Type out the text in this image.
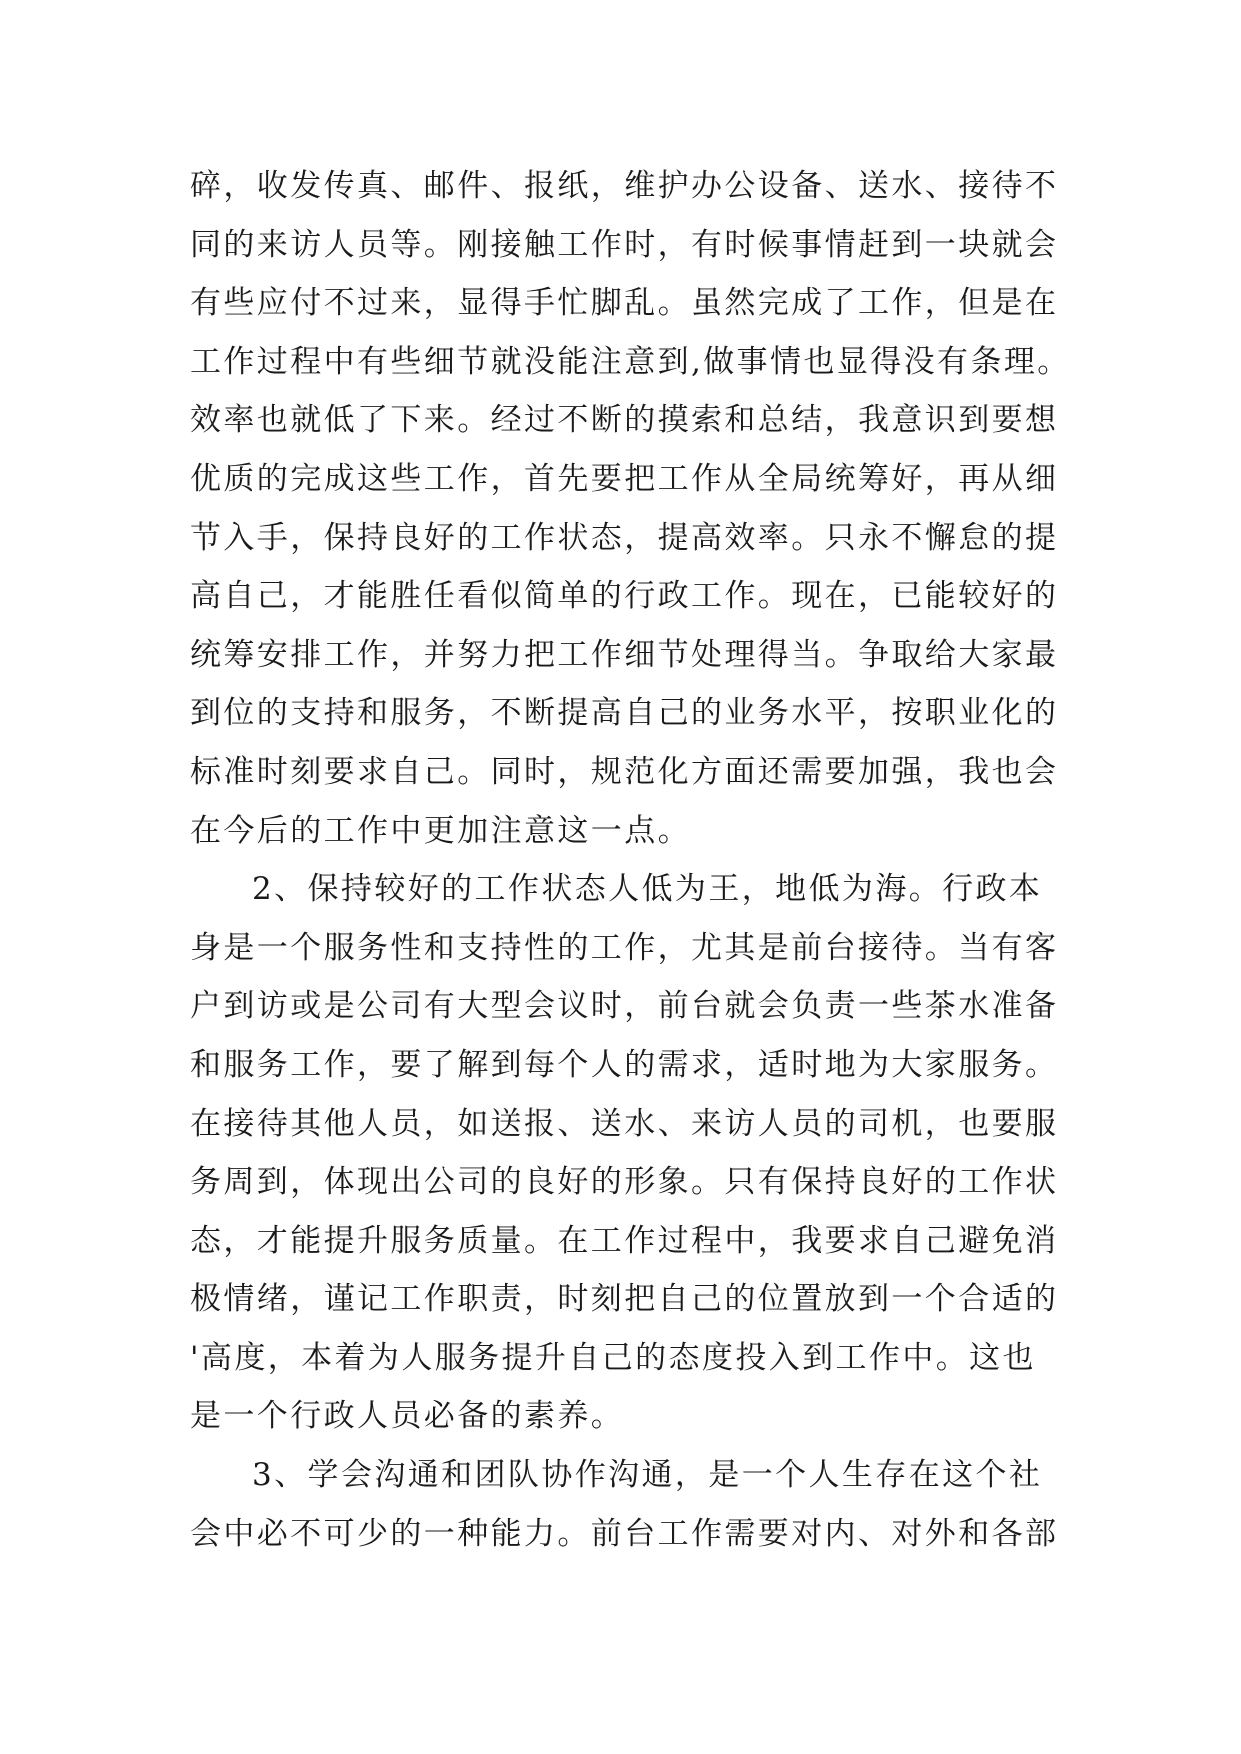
碎，收发传真、邮件、报纸，维护办公设备、送水、接待不
同的来访人员等。刚接触工作时，有时候事情赶到一块就会
有些应付不过来，显得手忙脚乱。虽然完成了工作，但是在
工作过程中有些细节就没能注意到,做事情也显得没有条理。
效率也就低了下来。经过不断的摸索和总结，我意识到要想
优质的完成这些工作，首先要把工作从全局统筹好，再从细
节入手，保持良好的工作状态，提高效率。只永不懈怠的提
高自己，才能胜任看似简单的行政工作。现在，已能较好的
统筹安排工作，并努力把工作细节处理得当。争取给大家最
到位的支持和服务，不断提高自己的业务水平，按职业化的
标准时刻要求自己。同时，规范化方面还需要加强，我也会
在今后的工作中更加注意这一点。
2、保持较好的工作状态人低为王，地低为海。行政本
身是一个服务性和支持性的工作，尤其是前台接待。当有客
户到访或是公司有大型会议时，前台就会负责一些茶水准备
和服务工作，要了解到每个人的需求，适时地为大家服务。
在接待其他人员，如送报、送水、来访人员的司机，也要服
务周到，体现出公司的良好的形象。只有保持良好的工作状
态，才能提升服务质量。在工作过程中，我要求自己避免消
极情绪，谨记工作职责，时刻把自己的位置放到一个合适的
'高度，本着为人服务提升自己的态度投入到工作中。这也
是一个行政人员必备的素养。
3、学会沟通和团队协作沟通，是一个人生存在这个社
会中必不可少的一种能力。前台工作需要对内、对外和各部
